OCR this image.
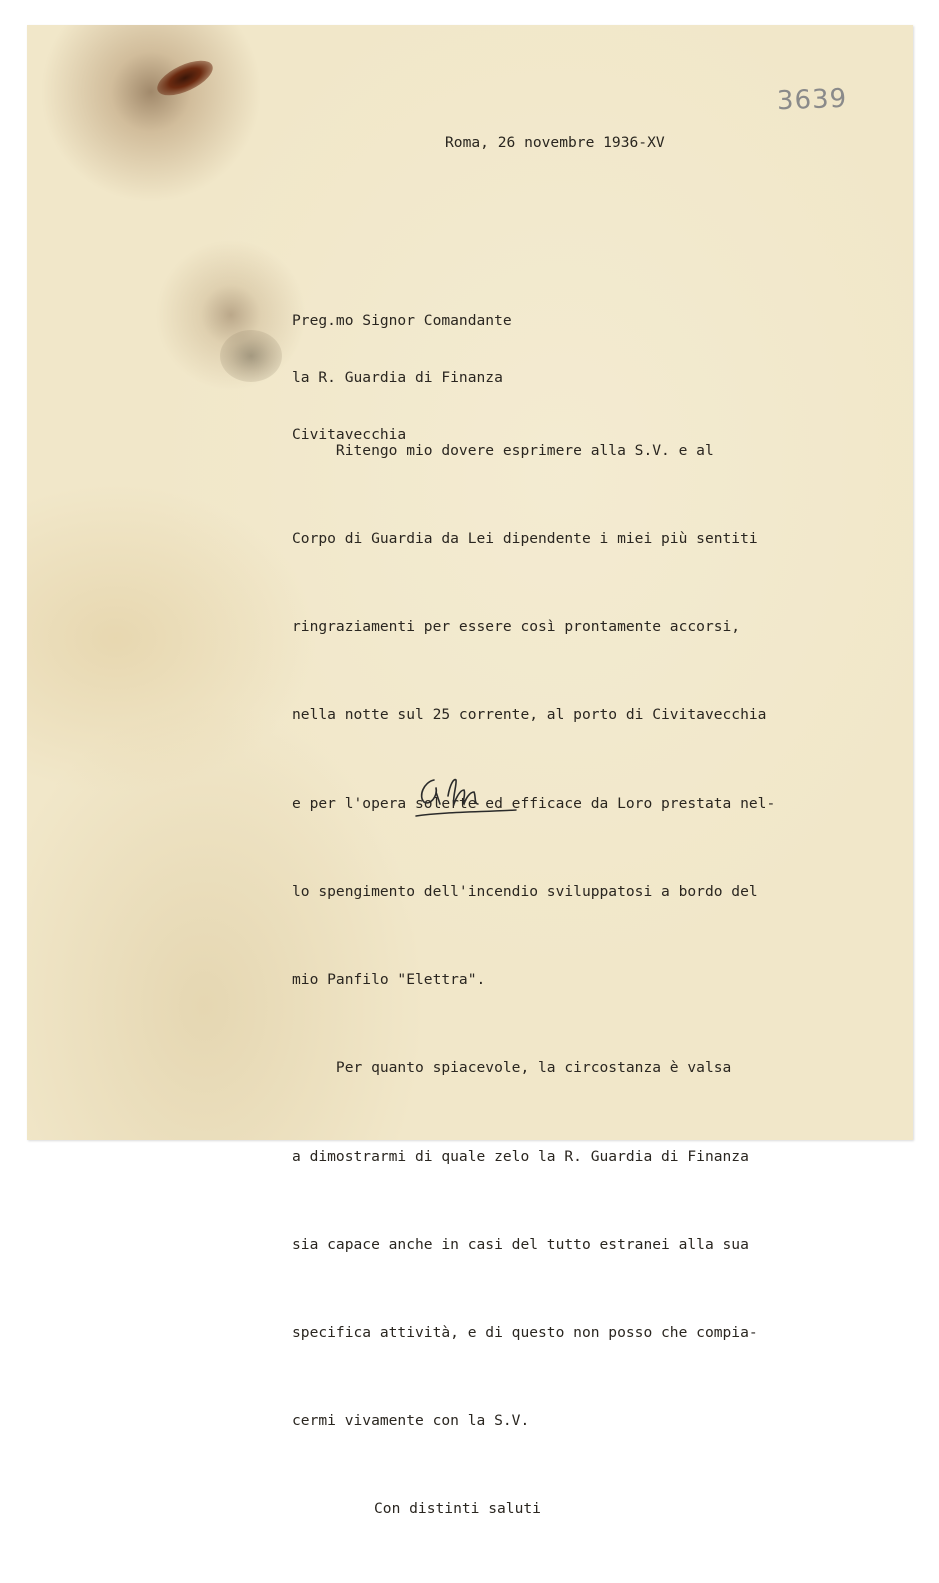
3639

Roma, 26 novembre 1936-XV

Preg.mo Signor Comandante

la R. Guardia di Finanza

Civitavecchia

Ritengo mio dovere esprimere alla S.V. e al

Corpo di Guardia da Lei dipendente i miei più sentiti

ringraziamenti per essere così prontamente accorsi,

nella notte sul 25 corrente, al porto di Civitavecchia

e per l'opera solerte ed efficace da Loro prestata nel-

lo spengimento dell'incendio sviluppatosi a bordo del

mio Panfilo "Elettra".

Per quanto spiacevole, la circostanza è valsa

a dimostrarmi di quale zelo la R. Guardia di Finanza

sia capace anche in casi del tutto estranei alla sua

specifica attività, e di questo non posso che compia-

cermi vivamente con la S.V.

Con distinti saluti
